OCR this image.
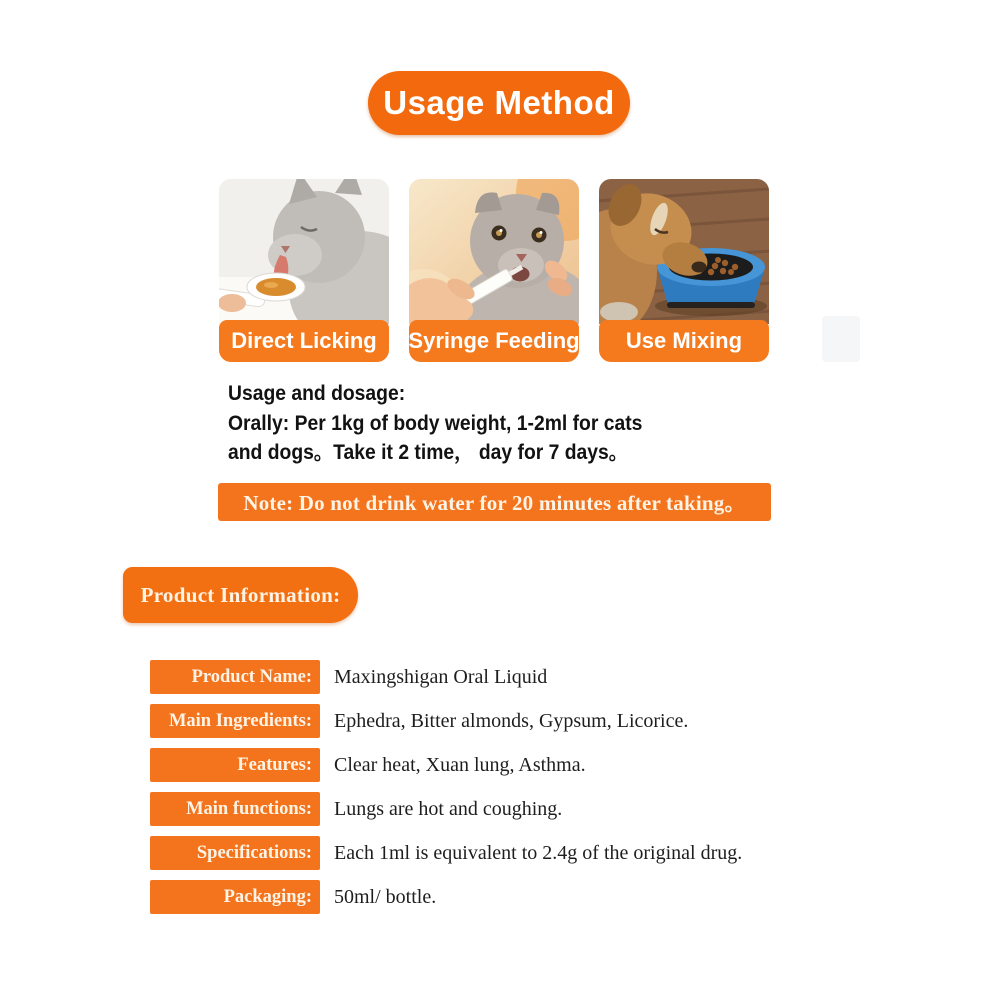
Usage Method
Direct Licking	Syringe Feeding	Use Mixing
Usage and dosage:
Orally: Per 1kg of body weight, 1-2ml for cats
and dogs。Take it 2 time， day for 7 days。
Note: Do not drink water for 20 minutes after taking。
Product Information:
Product Name:	Maxingshigan Oral Liquid
Main Ingredients:	Ephedra, Bitter almonds, Gypsum, Licorice.
Features:	Clear heat, Xuan lung, Asthma.
Main functions:	Lungs are hot and coughing.
Specifications:	Each 1ml is equivalent to 2.4g of the original drug.
Packaging:	50ml/ bottle.
